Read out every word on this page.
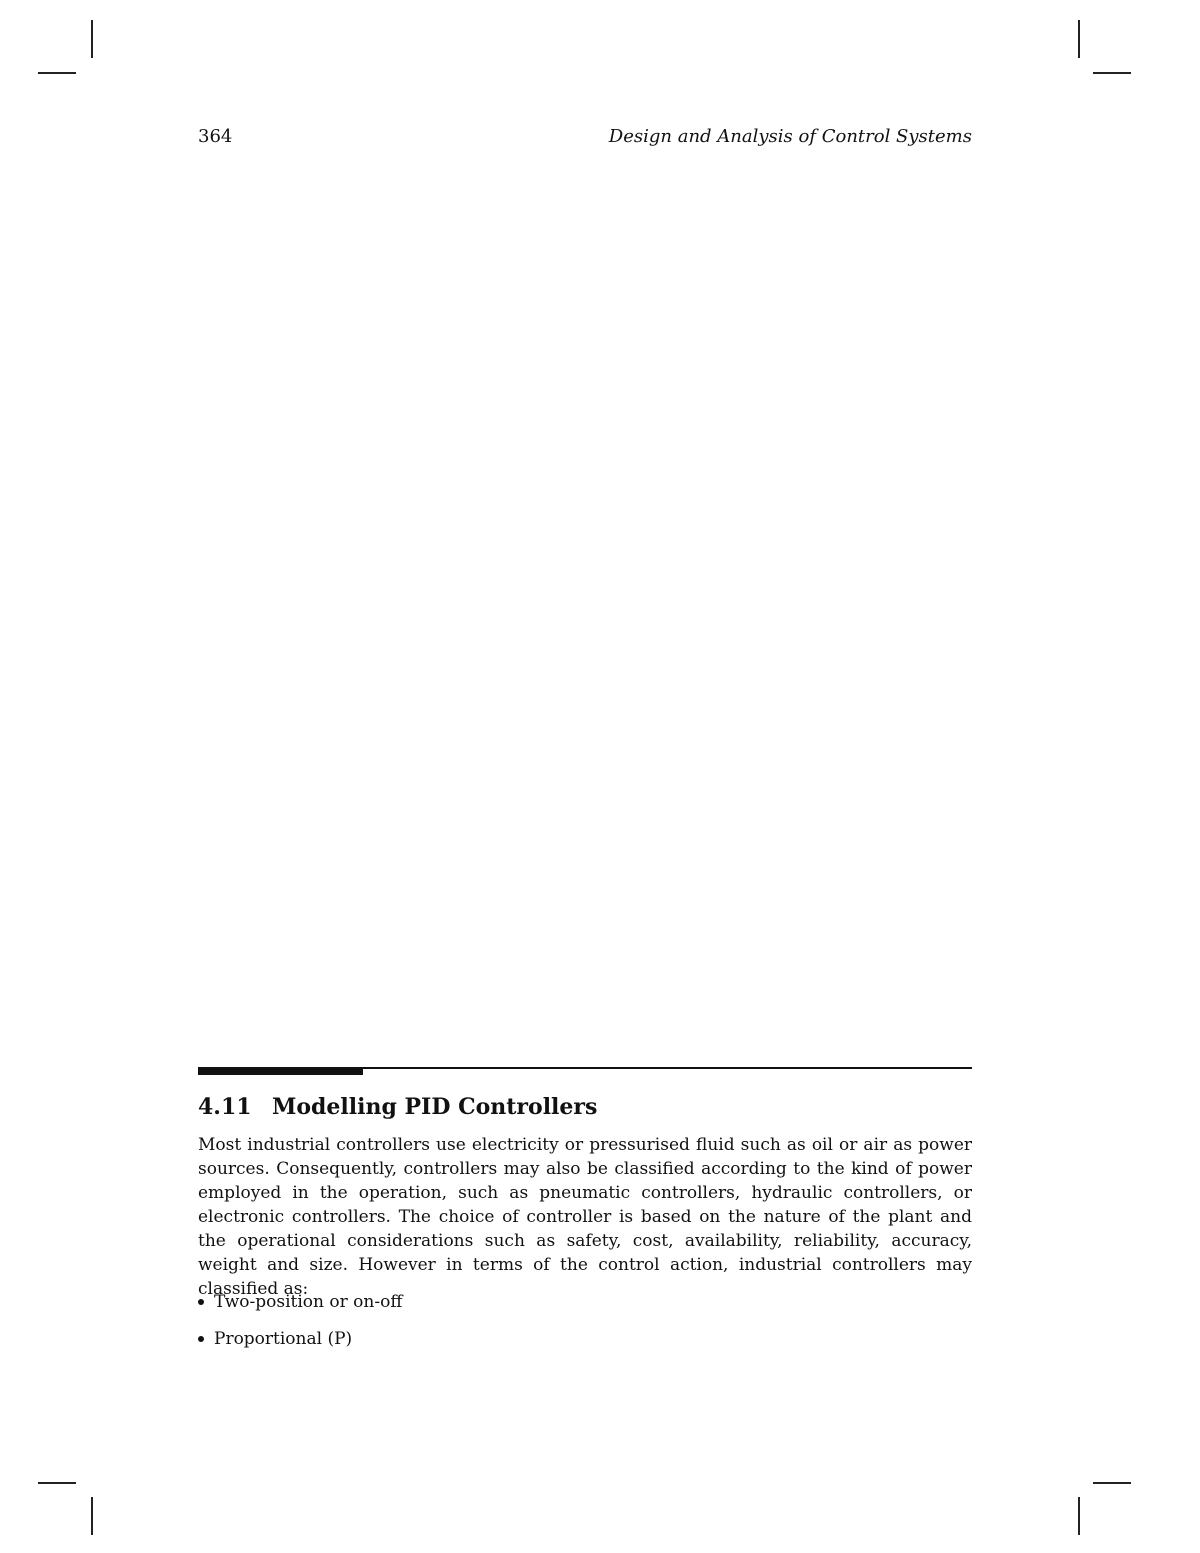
364	Design and Analysis of Control Systems
4.11 Modelling PID Controllers

Most industrial controllers use electricity or pressurised fluid such as oil or air as power sources. Consequently, controllers may also be classified according to the kind of power employed in the operation, such as pneumatic controllers, hydraulic controllers, or electronic controllers. The choice of controller is based on the nature of the plant and the operational considerations such as safety, cost, availability, reliability, accuracy, weight and size. However in terms of the control action, industrial controllers may classified as:

Two-position or on-off
Proportional (P)
